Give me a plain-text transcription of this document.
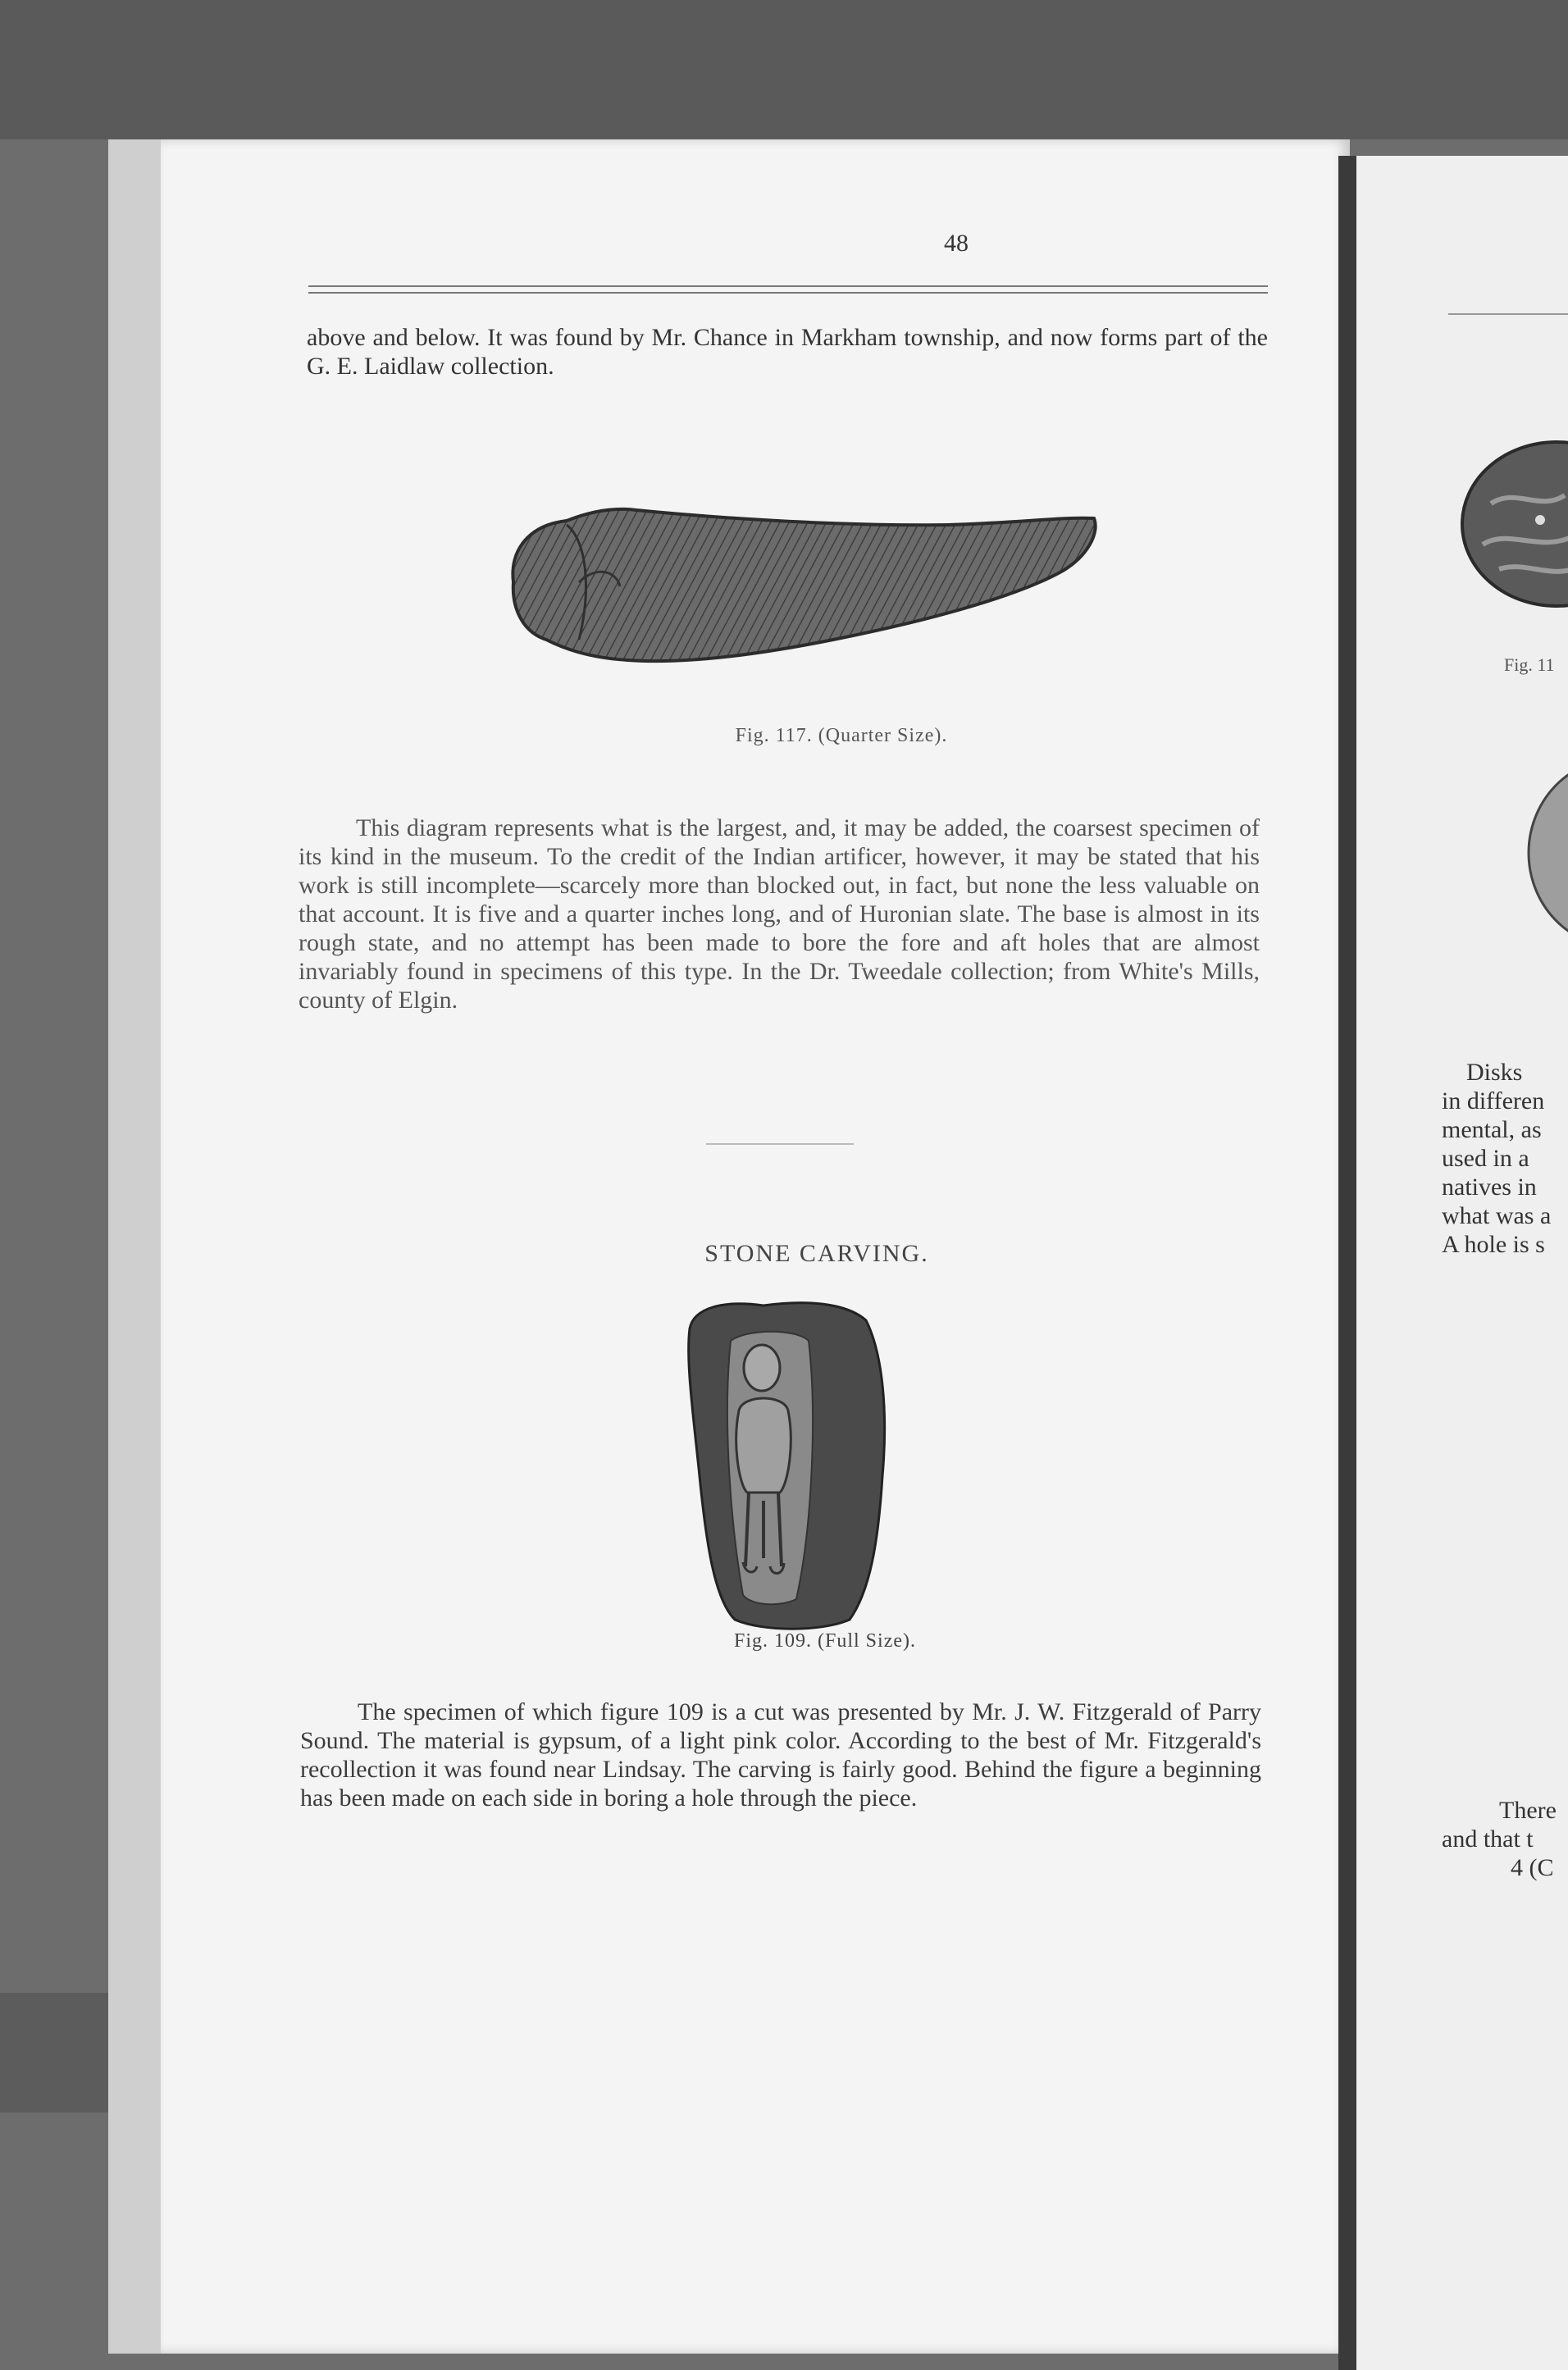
48

above and below. It was found by Mr. Chance in Markham township, and now forms part of the G. E. Laidlaw collection.

Fig. 117. (Quarter Size).

This diagram represents what is the largest, and, it may be added, the coarsest specimen of its kind in the museum. To the credit of the Indian artificer, however, it may be stated that his work is still incomplete—scarcely more than blocked out, in fact, but none the less valuable on that account. It is five and a quarter inches long, and of Huronian slate. The base is almost in its rough state, and no attempt has been made to bore the fore and aft holes that are almost invariably found in specimens of this type. In the Dr. Tweedale collection; from White's Mills, county of Elgin.

STONE CARVING.
Fig. 109. (Full Size).

The specimen of which figure 109 is a cut was presented by Mr. J. W. Fitzgerald of Parry Sound. The material is gypsum, of a light pink color. According to the best of Mr. Fitzgerald's recollection it was found near Lindsay. The carving is fairly good. Behind the figure a beginning has been made on each side in boring a hole through the piece.

Fig. 11
Disks
in differen
mental, as
used in a
natives in
what was a
A hole is s
There
and that t
4 (C
